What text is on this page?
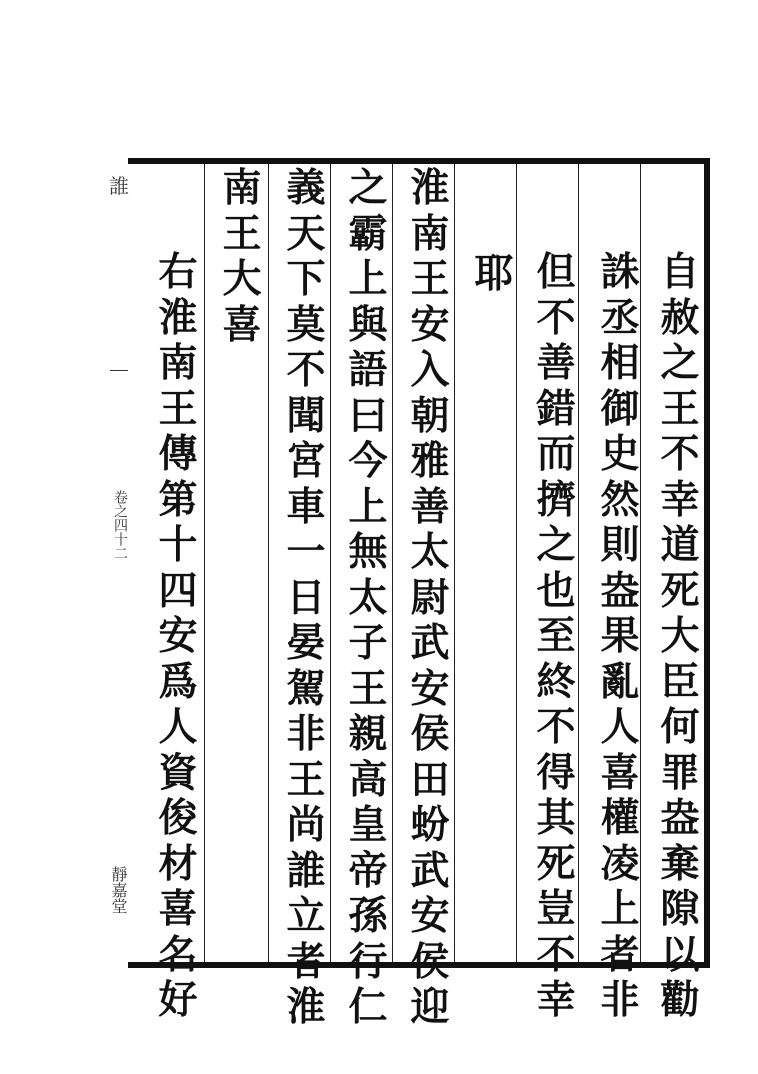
誰
卷之四十二
靜嘉堂
自
赦
之
王
不
幸
道
死
大
臣
何
罪
盎
棄
隙
以
勸
誅
丞
相
御
史
然
則
盎
果
亂
人
喜
權
凌
上
者
非
但
不
善
錯
而
擠
之
也
至
終
不
得
其
死
豈
不
幸
耶
淮
南
王
安
入
朝
雅
善
太
尉
武
安
侯
田
蚡
武
安
侯
迎
之
霸
上
與
語
曰
今
上
無
太
子
王
親
高
皇
帝
孫
行
仁
義
天
下
莫
不
聞
宮
車
一
日
晏
駕
非
王
尚
誰
立
者
淮
南
王
大
喜
右
淮
南
王
傳
第
十
四
安
爲
人
資
俊
材
喜
名
好
